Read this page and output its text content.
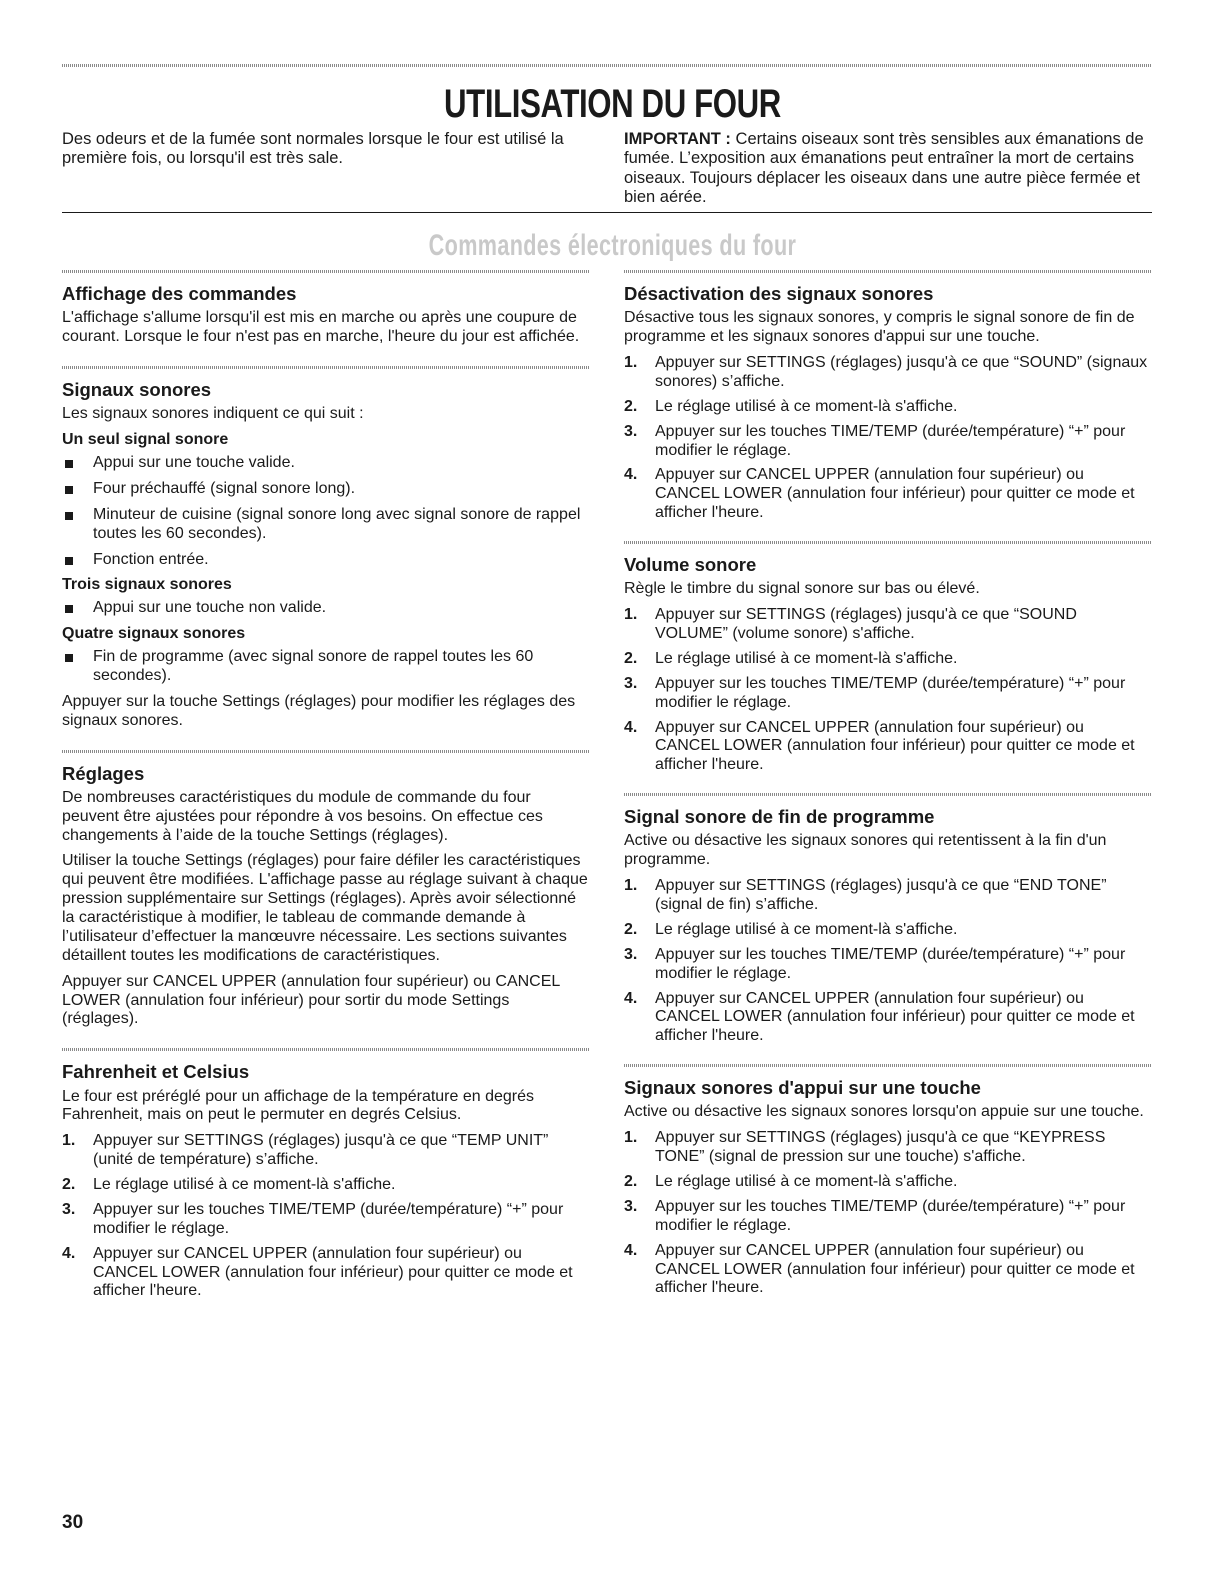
UTILISATION DU FOUR

Des odeurs et de la fumée sont normales lorsque le four est utilisé la première fois, ou lorsqu'il est très sale.

IMPORTANT : Certains oiseaux sont très sensibles aux émanations de fumée. L’exposition aux émanations peut entraîner la mort de certains oiseaux. Toujours déplacer les oiseaux dans une autre pièce fermée et bien aérée.

Commandes électroniques du four
Affichage des commandes

L'affichage s'allume lorsqu'il est mis en marche ou après une coupure de courant. Lorsque le four n'est pas en marche, l'heure du jour est affichée.

Signaux sonores

Les signaux sonores indiquent ce qui suit :

Un seul signal sonore
Appui sur une touche valide.
Four préchauffé (signal sonore long).
Minuteur de cuisine (signal sonore long avec signal sonore de rappel toutes les 60 secondes).
Fonction entrée.
Trois signaux sonores
Appui sur une touche non valide.
Quatre signaux sonores
Fin de programme (avec signal sonore de rappel toutes les 60 secondes).

Appuyer sur la touche Settings (réglages) pour modifier les réglages des signaux sonores.

Réglages

De nombreuses caractéristiques du module de commande du four peuvent être ajustées pour répondre à vos besoins. On effectue ces changements à l’aide de la touche Settings (réglages).

Utiliser la touche Settings (réglages) pour faire défiler les caractéristiques qui peuvent être modifiées. L'affichage passe au réglage suivant à chaque pression supplémentaire sur Settings (réglages). Après avoir sélectionné la caractéristique à modifier, le tableau de commande demande à l’utilisateur d’effectuer la manœuvre nécessaire. Les sections suivantes détaillent toutes les modifications de caractéristiques.

Appuyer sur CANCEL UPPER (annulation four supérieur) ou CANCEL LOWER (annulation four inférieur) pour sortir du mode Settings (réglages).

Fahrenheit et Celsius

Le four est préréglé pour un affichage de la température en degrés Fahrenheit, mais on peut le permuter en degrés Celsius.

1. Appuyer sur SETTINGS (réglages) jusqu'à ce que “TEMP UNIT” (unité de température) s’affiche.
2. Le réglage utilisé à ce moment-là s'affiche.
3. Appuyer sur les touches TIME/TEMP (durée/température) “+” pour modifier le réglage.
4. Appuyer sur CANCEL UPPER (annulation four supérieur) ou CANCEL LOWER (annulation four inférieur) pour quitter ce mode et afficher l'heure.
Désactivation des signaux sonores

Désactive tous les signaux sonores, y compris le signal sonore de fin de programme et les signaux sonores d'appui sur une touche.

1. Appuyer sur SETTINGS (réglages) jusqu'à ce que “SOUND” (signaux sonores) s’affiche.
2. Le réglage utilisé à ce moment-là s'affiche.
3. Appuyer sur les touches TIME/TEMP (durée/température) “+” pour modifier le réglage.
4. Appuyer sur CANCEL UPPER (annulation four supérieur) ou CANCEL LOWER (annulation four inférieur) pour quitter ce mode et afficher l'heure.
Volume sonore

Règle le timbre du signal sonore sur bas ou élevé.

1. Appuyer sur SETTINGS (réglages) jusqu'à ce que “SOUND VOLUME” (volume sonore) s'affiche.
2. Le réglage utilisé à ce moment-là s'affiche.
3. Appuyer sur les touches TIME/TEMP (durée/température) “+” pour modifier le réglage.
4. Appuyer sur CANCEL UPPER (annulation four supérieur) ou CANCEL LOWER (annulation four inférieur) pour quitter ce mode et afficher l'heure.
Signal sonore de fin de programme

Active ou désactive les signaux sonores qui retentissent à la fin d'un programme.

1. Appuyer sur SETTINGS (réglages) jusqu'à ce que “END TONE” (signal de fin) s’affiche.
2. Le réglage utilisé à ce moment-là s'affiche.
3. Appuyer sur les touches TIME/TEMP (durée/température) “+” pour modifier le réglage.
4. Appuyer sur CANCEL UPPER (annulation four supérieur) ou CANCEL LOWER (annulation four inférieur) pour quitter ce mode et afficher l'heure.
Signaux sonores d'appui sur une touche

Active ou désactive les signaux sonores lorsqu'on appuie sur une touche.

1. Appuyer sur SETTINGS (réglages) jusqu'à ce que “KEYPRESS TONE” (signal de pression sur une touche) s'affiche.
2. Le réglage utilisé à ce moment-là s'affiche.
3. Appuyer sur les touches TIME/TEMP (durée/température) “+” pour modifier le réglage.
4. Appuyer sur CANCEL UPPER (annulation four supérieur) ou CANCEL LOWER (annulation four inférieur) pour quitter ce mode et afficher l'heure.

30
